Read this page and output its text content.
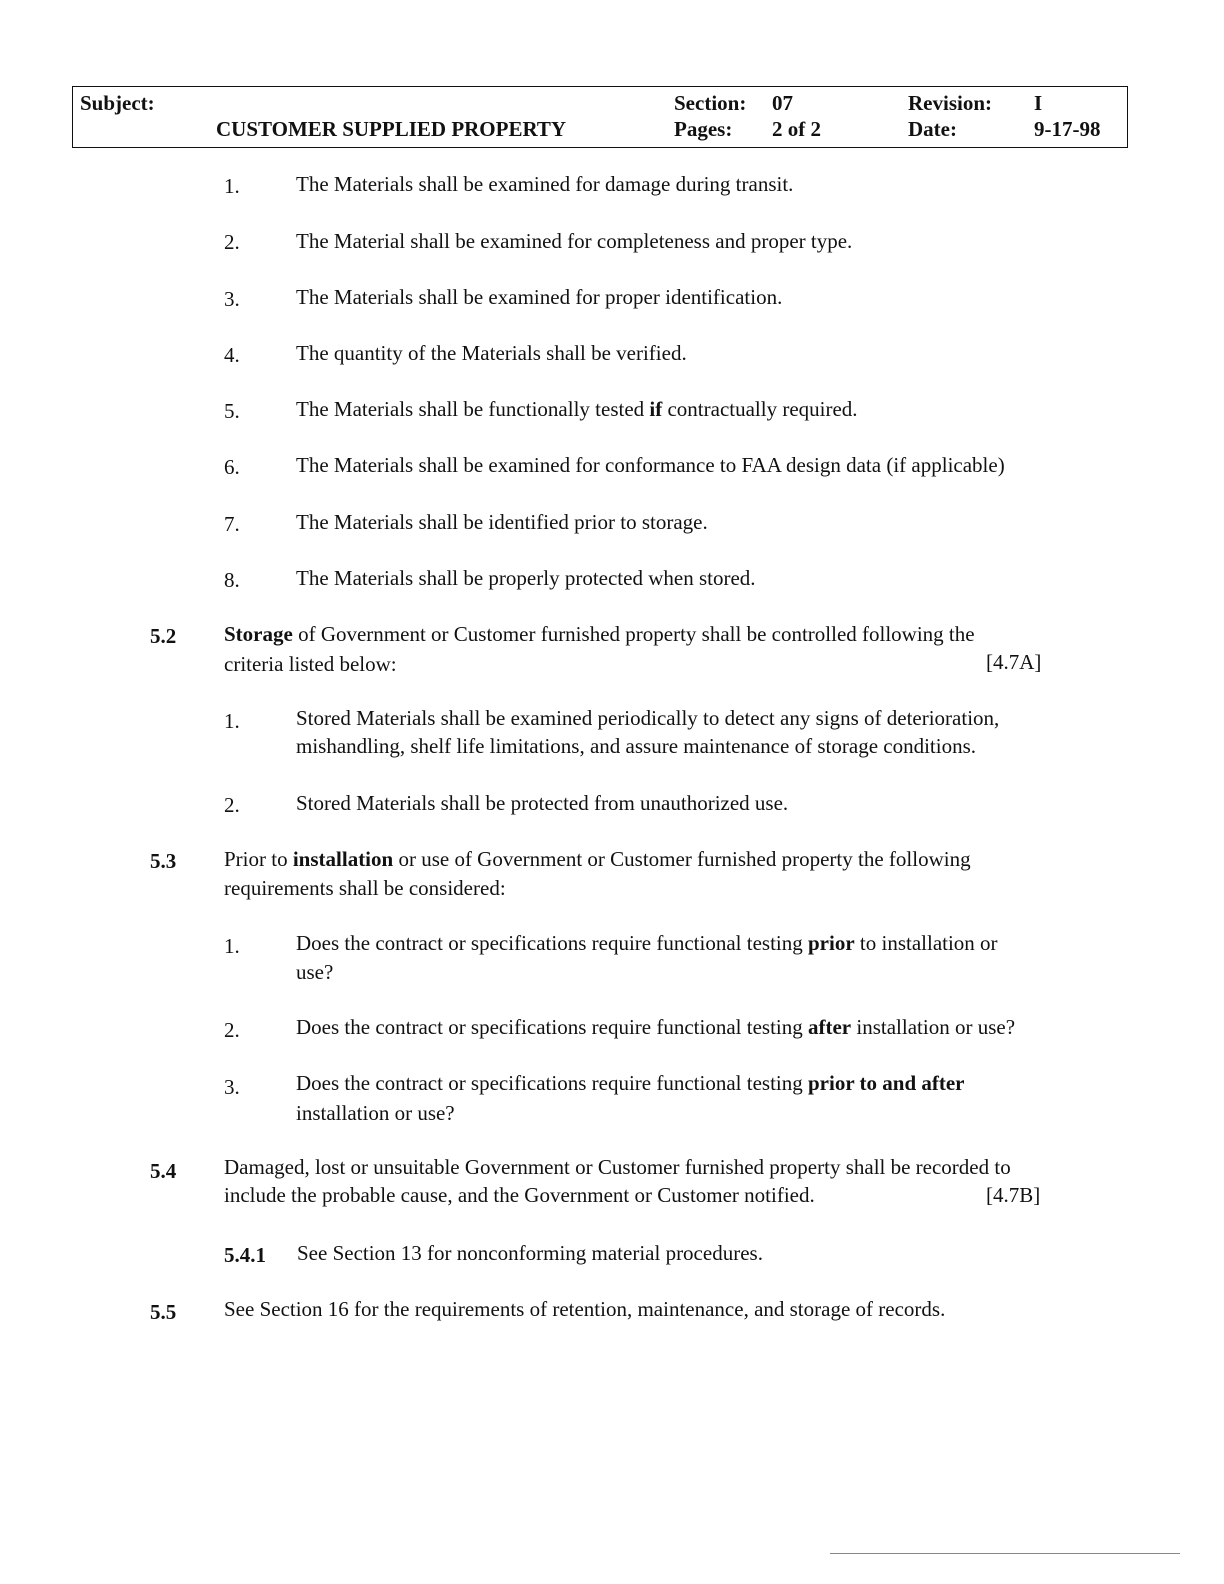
Subject:
CUSTOMER SUPPLIED PROPERTY
Section: 07
Pages: 2 of 2
Revision: I
Date:	9-17-98
1.	The Materials shall be examined for damage during transit.
2.	The Material shall be examined for completeness and proper type.
3.	The Materials shall be examined for proper identification.
4.	The quantity of the Materials shall be verified.
5.	The Materials shall be functionally tested if contractually required.
6.	The Materials shall be examined for conformance to FAA design data (if applicable)
7.	The Materials shall be identified prior to storage.
8.	The Materials shall be properly protected when stored.
5.2 Storage of Government or Customer furnished property shall be controlled following the
criteria listed below:	[4.7A]
1.	Stored Materials shall be examined periodically to detect any signs of deterioration,
mishandling, shelf life limitations, and assure maintenance of storage conditions.
2.	Stored Materials shall be protected from unauthorized use.
5.3 Prior to installation or use of Government or Customer furnished property the following
requirements shall be considered:
1.	Does the contract or specifications require functional testing prior to installation or
use?
2.	Does the contract or specifications require functional testing after installation or use?
3.	Does the contract or specifications require functional testing prior to and after
installation or use?
5.4 Damaged, lost or unsuitable Government or Customer furnished property shall be recorded to
include the probable cause, and the Government or Customer notified.	[4.7B]
5.4.1 See Section 13 for nonconforming material procedures.
5.5 See Section 16 for the requirements of retention, maintenance, and storage of records.
